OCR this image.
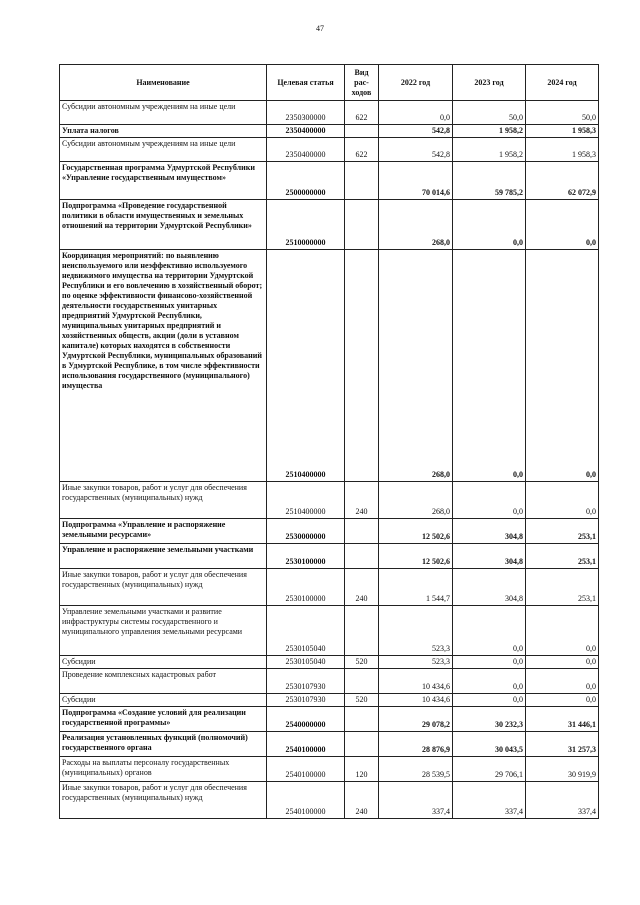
47
Наименование	Целевая статья	Вид рас-ходов	2022 год	2023 год	2024 год
Субсидии автономным учреждениям на иные цели	2350300000	622	0,0	50,0	50,0
Уплата налогов	2350400000		542,8	1 958,2	1 958,3
Субсидии автономным учреждениям на иные цели	2350400000	622	542,8	1 958,2	1 958,3
Государственная программа Удмуртской Республики «Управление государственным имуществом»	2500000000		70 014,6	59 785,2	62 072,9
Подпрограмма «Проведение государственной политики в области имущественных и земельных отношений на территории Удмуртской Республики»	2510000000		268,0	0,0	0,0
Координация мероприятий: по выявлению неиспользуемого или неэффективно используемого недвижимого имущества на территории Удмуртской Республики и его вовлечению в хозяйственный оборот; по оценке эффективности финансово-хозяйственной деятельности государственных унитарных предприятий Удмуртской Республики, муниципальных унитарных предприятий и хозяйственных обществ, акции (доли в уставном капитале) которых находятся в собственности Удмуртской Республики, муниципальных образований в Удмуртской Республике, в том числе эффективности использования государственного (муниципального) имущества	2510400000		268,0	0,0	0,0
Иные закупки товаров, работ и услуг для обеспечения государственных (муниципальных) нужд	2510400000	240	268,0	0,0	0,0
Подпрограмма «Управление и распоряжение земельными ресурсами»	2530000000		12 502,6	304,8	253,1
Управление и распоряжение земельными участками	2530100000		12 502,6	304,8	253,1
Иные закупки товаров, работ и услуг для обеспечения государственных (муниципальных) нужд	2530100000	240	1 544,7	304,8	253,1
Управление земельными участками и развитие инфраструктуры системы государственного и муниципального управления земельными ресурсами	2530105040		523,3	0,0	0,0
Субсидии	2530105040	520	523,3	0,0	0,0
Проведение комплексных кадастровых работ	2530107930		10 434,6	0,0	0,0
Субсидии	2530107930	520	10 434,6	0,0	0,0
Подпрограмма «Создание условий для реализации государственной программы»	2540000000		29 078,2	30 232,3	31 446,1
Реализация установленных функций (полномочий) государственного органа	2540100000		28 876,9	30 043,5	31 257,3
Расходы на выплаты персоналу государственных (муниципальных) органов	2540100000	120	28 539,5	29 706,1	30 919,9
Иные закупки товаров, работ и услуг для обеспечения государственных (муниципальных) нужд	2540100000	240	337,4	337,4	337,4
